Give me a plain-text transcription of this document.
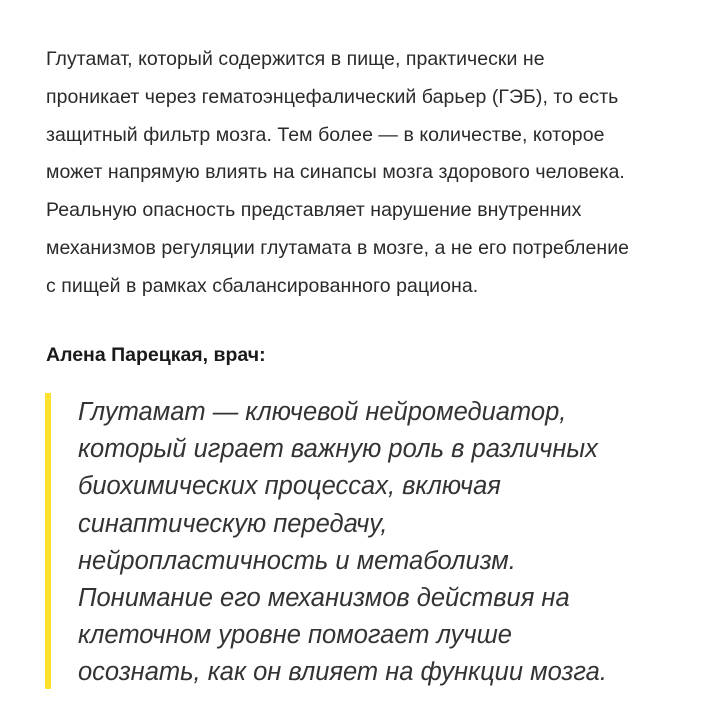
Глутамат, который содержится в пище, практически не
проникает через гематоэнцефалический барьер (ГЭБ), то есть
защитный фильтр мозга. Тем более — в количестве, которое
может напрямую влиять на синапсы мозга здорового человека.
Реальную опасность представляет нарушение внутренних
механизмов регуляции глутамата в мозге, а не его потребление
с пищей в рамках сбалансированного рациона.

Алена Парецкая, врач:

Глутамат — ключевой нейромедиатор,
который играет важную роль в различных
биохимических процессах, включая
синаптическую передачу,
нейропластичность и метаболизм.
Понимание его механизмов действия на
клеточном уровне помогает лучше
осознать, как он влияет на функции мозга.
